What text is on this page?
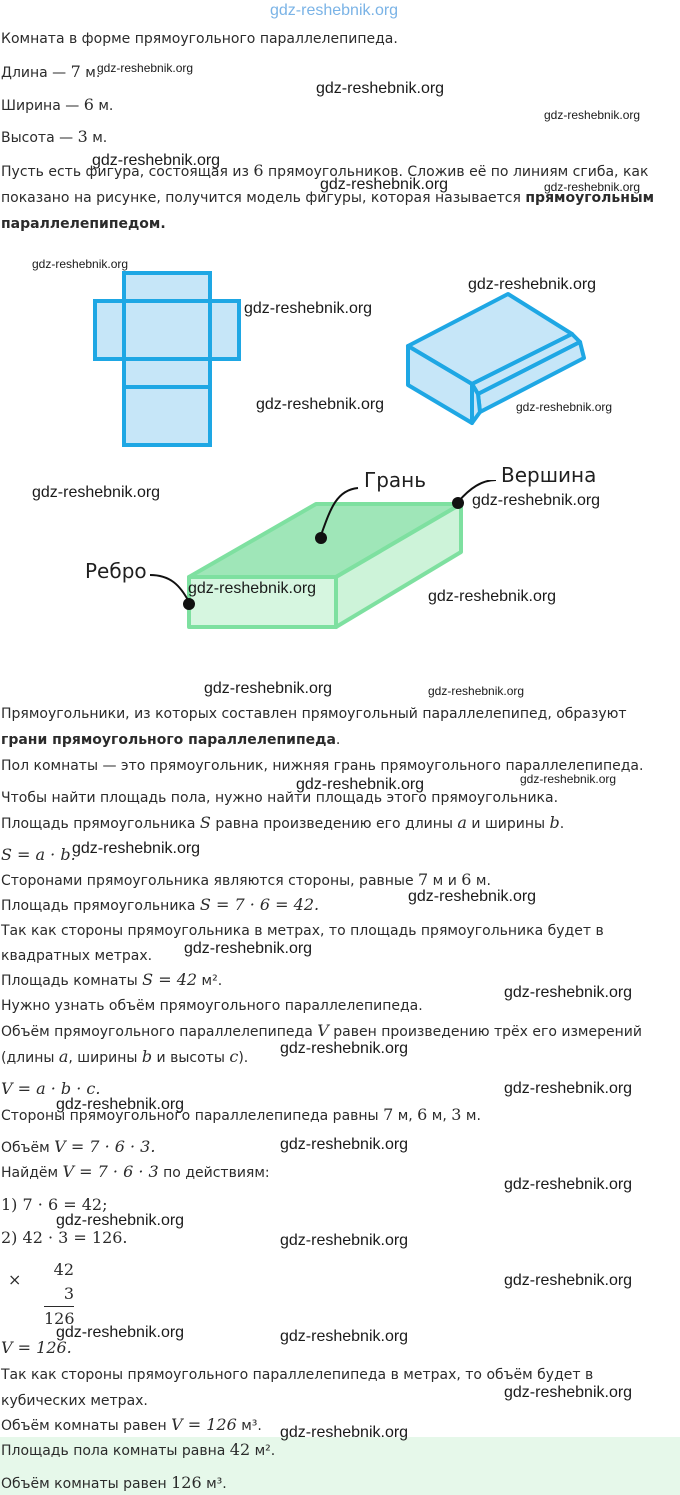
gdz-reshebnik.org
Комната в форме прямоугольного параллелепипеда.
Длина — 7 м.
Ширина — 6 м.
Высота — 3 м.
Пусть есть фигура, состоящая из 6 прямоугольников. Сложив её по линиям сгиба, как
показано на рисунке, получится модель фигуры, которая называется прямоугольным
параллелепипедом.
Грань	Вершина
Ребро
Прямоугольники, из которых составлен прямоугольный параллелепипед, образуют
грани прямоугольного параллелепипеда.
Пол комнаты — это прямоугольник, нижняя грань прямоугольного параллелепипеда.
Чтобы найти площадь пола, нужно найти площадь этого прямоугольника.
Площадь прямоугольника S равна произведению его длины a и ширины b.
S = a · b.
Сторонами прямоугольника являются стороны, равные 7 м и 6 м.
Площадь прямоугольника S = 7 · 6 = 42.
Так как стороны прямоугольника в метрах, то площадь прямоугольника будет в
квадратных метрах.
Площадь комнаты S = 42 м².
Нужно узнать объём прямоугольного параллелепипеда.
Объём прямоугольного параллелепипеда V равен произведению трёх его измерений
(длины a, ширины b и высоты c).
V = a · b · c.
Стороны прямоугольного параллелепипеда равны 7 м, 6 м, 3 м.
Объём V = 7 · 6 · 3.
Найдём V = 7 · 6 · 3 по действиям:
1) 7 · 6 = 42;
2) 42 · 3 = 126.
×
42
3
126
V = 126.
Так как стороны прямоугольного параллелепипеда в метрах, то объём будет в
кубических метрах.
Объём комнаты равен V = 126 м³.
Площадь пола комнаты равна 42 м².
Объём комнаты равен 126 м³.
gdz-reshebnik.org
gdz-reshebnik.org
gdz-reshebnik.org
gdz-reshebnik.org
gdz-reshebnik.org	gdz-reshebnik.org
gdz-reshebnik.org
gdz-reshebnik.org
gdz-reshebnik.org
gdz-reshebnik.org	gdz-reshebnik.org
gdz-reshebnik.org	gdz-reshebnik.org
gdz-reshebnik.org	gdz-reshebnik.org
gdz-reshebnik.org	gdz-reshebnik.org
gdz-reshebnik.org	gdz-reshebnik.org
gdz-reshebnik.org
gdz-reshebnik.org
gdz-reshebnik.org
gdz-reshebnik.org
gdz-reshebnik.org
gdz-reshebnik.org
gdz-reshebnik.org
gdz-reshebnik.org
gdz-reshebnik.org
gdz-reshebnik.org
gdz-reshebnik.org
gdz-reshebnik.org
gdz-reshebnik.org	gdz-reshebnik.org
gdz-reshebnik.org
gdz-reshebnik.org
